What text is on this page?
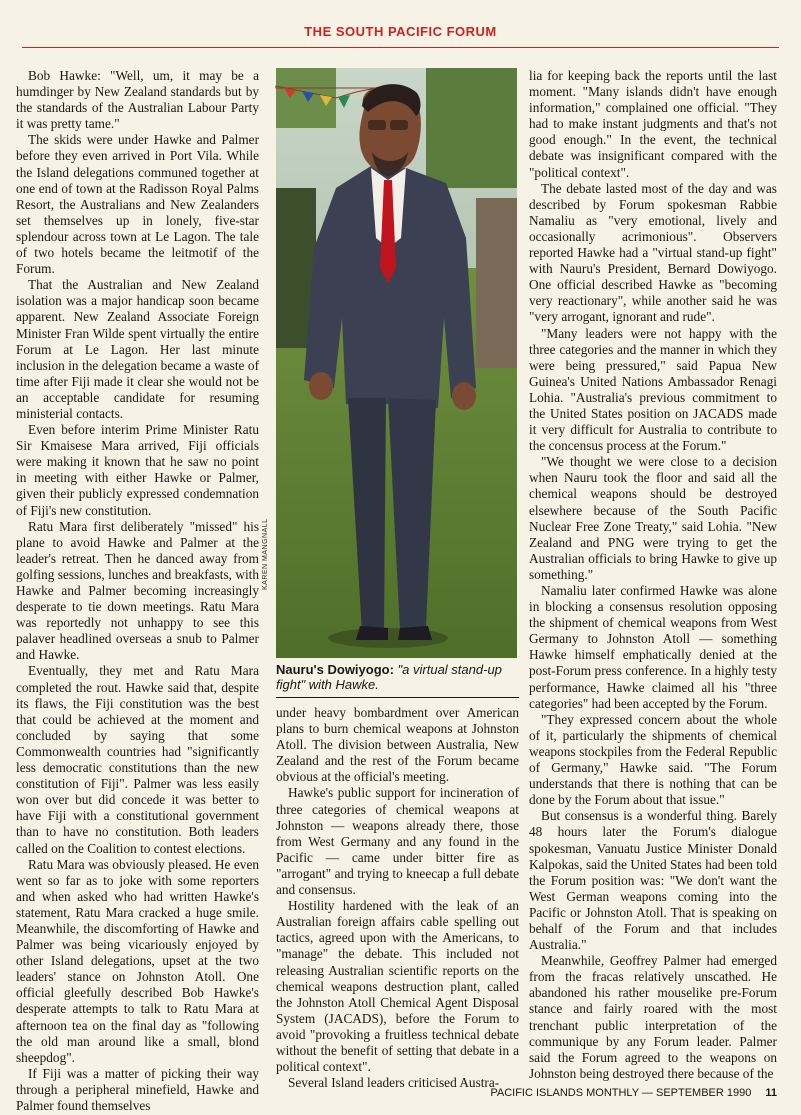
THE SOUTH PACIFIC FORUM

Bob Hawke: "Well, um, it may be a humdinger by New Zealand standards but by the standards of the Australian Labour Party it was pretty tame."

The skids were under Hawke and Palmer before they even arrived in Port Vila. While the Island delegations communed together at one end of town at the Radisson Royal Palms Resort, the Australians and New Zealanders set themselves up in lonely, five-star splendour across town at Le Lagon. The tale of two hotels became the leitmotif of the Forum.

That the Australian and New Zealand isolation was a major handicap soon became apparent. New Zealand Associate Foreign Minister Fran Wilde spent virtually the entire Forum at Le Lagon. Her last minute inclusion in the delegation became a waste of time after Fiji made it clear she would not be an acceptable candidate for resuming ministerial contacts.

Even before interim Prime Minister Ratu Sir Kmaisese Mara arrived, Fiji officials were making it known that he saw no point in meeting with either Hawke or Palmer, given their publicly expressed condemnation of Fiji's new constitution.

Ratu Mara first deliberately "missed" his plane to avoid Hawke and Palmer at the leader's retreat. Then he danced away from golfing sessions, lunches and breakfasts, with Hawke and Palmer becoming increasingly desperate to tie down meetings. Ratu Mara was reportedly not unhappy to see this palaver headlined overseas a snub to Palmer and Hawke.

Eventually, they met and Ratu Mara completed the rout. Hawke said that, despite its flaws, the Fiji constitution was the best that could be achieved at the moment and concluded by saying that some Commonwealth countries had "significantly less democratic constitutions than the new constitution of Fiji". Palmer was less easily won over but did concede it was better to have Fiji with a constitutional government than to have no constitution. Both leaders called on the Coalition to contest elections.

Ratu Mara was obviously pleased. He even went so far as to joke with some reporters and when asked who had written Hawke's statement, Ratu Mara cracked a huge smile. Meanwhile, the discomforting of Hawke and Palmer was being vicariously enjoyed by other Island delegations, upset at the two leaders' stance on Johnston Atoll. One official gleefully described Bob Hawke's desperate attempts to talk to Ratu Mara at afternoon tea on the final day as "following the old man around like a small, blond sheepdog".

If Fiji was a matter of picking their way through a peripheral minefield, Hawke and Palmer found themselves

KAREN MANGNALL
Nauru's Dowiyogo: "a virtual stand-up fight" with Hawke.

under heavy bombardment over American plans to burn chemical weapons at Johnston Atoll. The division between Australia, New Zealand and the rest of the Forum became obvious at the official's meeting.

Hawke's public support for incineration of three categories of chemical weapons at Johnston — weapons already there, those from West Germany and any found in the Pacific — came under bitter fire as "arrogant" and trying to kneecap a full debate and consensus.

Hostility hardened with the leak of an Australian foreign affairs cable spelling out tactics, agreed upon with the Americans, to "manage" the debate. This included not releasing Australian scientific reports on the chemical weapons destruction plant, called the Johnston Atoll Chemical Agent Disposal System (JACADS), before the Forum to avoid "provoking a fruitless technical debate without the benefit of setting that debate in a political context".

Several Island leaders criticised Austra-

lia for keeping back the reports until the last moment. "Many islands didn't have enough information," complained one official. "They had to make instant judgments and that's not good enough." In the event, the technical debate was insignificant compared with the "political context".

The debate lasted most of the day and was described by Forum spokesman Rabbie Namaliu as "very emotional, lively and occasionally acrimonious". Observers reported Hawke had a "virtual stand-up fight" with Nauru's President, Bernard Dowiyogo. One official described Hawke as "becoming very reactionary", while another said he was "very arrogant, ignorant and rude".

"Many leaders were not happy with the three categories and the manner in which they were being pressured," said Papua New Guinea's United Nations Ambassador Renagi Lohia. "Australia's previous commitment to the United States position on JACADS made it very difficult for Australia to contribute to the concensus process at the Forum."

"We thought we were close to a decision when Nauru took the floor and said all the chemical weapons should be destroyed elsewhere because of the South Pacific Nuclear Free Zone Treaty," said Lohia. "New Zealand and PNG were trying to get the Australian officials to bring Hawke to give up something."

Namaliu later confirmed Hawke was alone in blocking a consensus resolution opposing the shipment of chemical weapons from West Germany to Johnston Atoll — something Hawke himself emphatically denied at the post-Forum press conference. In a highly testy performance, Hawke claimed all his "three categories" had been accepted by the Forum.

"They expressed concern about the whole of it, particularly the shipments of chemical weapons stockpiles from the Federal Republic of Germany," Hawke said. "The Forum understands that there is nothing that can be done by the Forum about that issue."

But consensus is a wonderful thing. Barely 48 hours later the Forum's dialogue spokesman, Vanuatu Justice Minister Donald Kalpokas, said the United States had been told the Forum position was: "We don't want the West German weapons coming into the Pacific or Johnston Atoll. That is speaking on behalf of the Forum and that includes Australia."

Meanwhile, Geoffrey Palmer had emerged from the fracas relatively unscathed. He abandoned his rather mouselike pre-Forum stance and fairly roared with the most trenchant public interpretation of the communique by any Forum leader. Palmer said the Forum agreed to the weapons on Johnston being destroyed there because of the

PACIFIC ISLANDS MONTHLY — SEPTEMBER 1990 11
